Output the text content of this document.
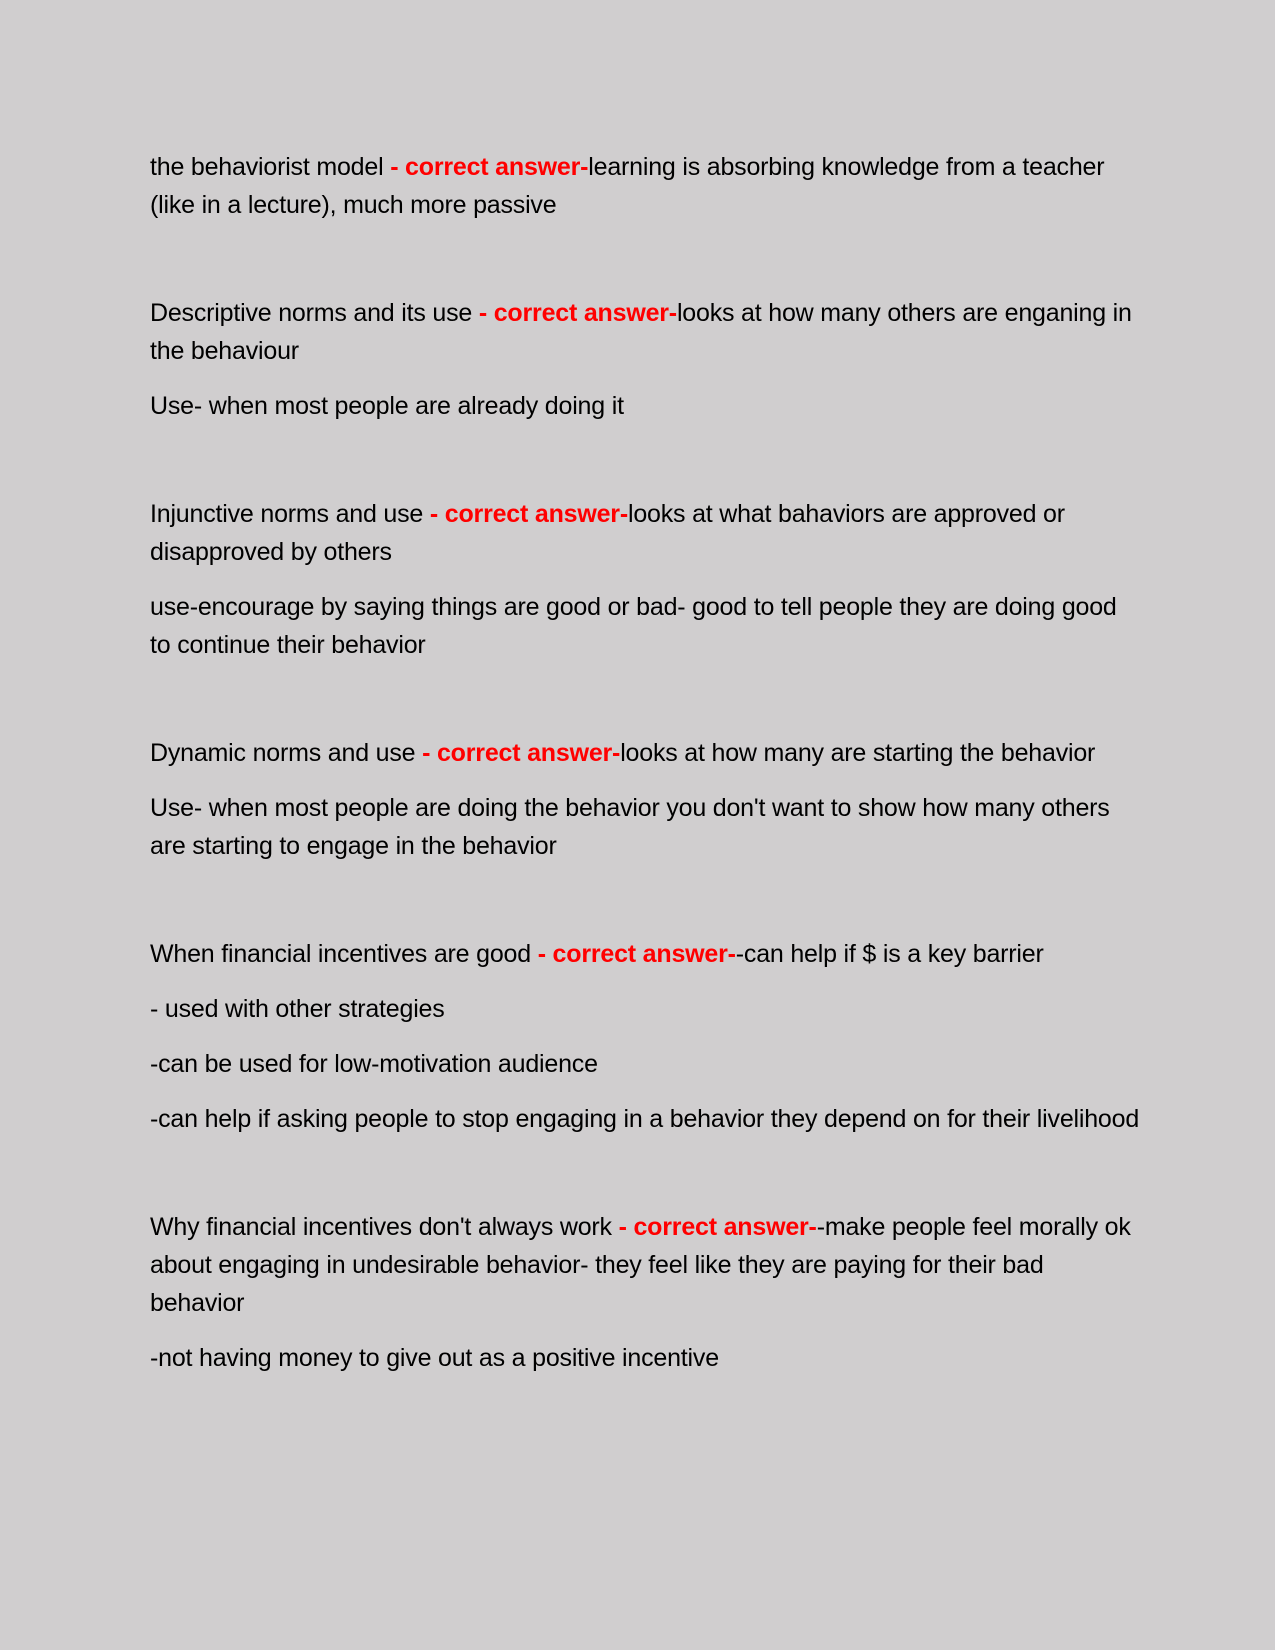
the behaviorist model - correct answer-learning is absorbing knowledge from a teacher (like in a lecture), much more passive

Descriptive norms and its use - correct answer-looks at how many others are enganing in the behaviour

Use- when most people are already doing it

Injunctive norms and use - correct answer-looks at what bahaviors are approved or disapproved by others

use-encourage by saying things are good or bad- good to tell people they are doing good to continue their behavior

Dynamic norms and use - correct answer-looks at how many are starting the behavior

Use- when most people are doing the behavior you don't want to show how many others are starting to engage in the behavior

When financial incentives are good - correct answer--can help if $ is a key barrier

- used with other strategies

-can be used for low-motivation audience

-can help if asking people to stop engaging in a behavior they depend on for their livelihood

Why financial incentives don't always work - correct answer--make people feel morally ok about engaging in undesirable behavior- they feel like they are paying for their bad behavior

-not having money to give out as a positive incentive
